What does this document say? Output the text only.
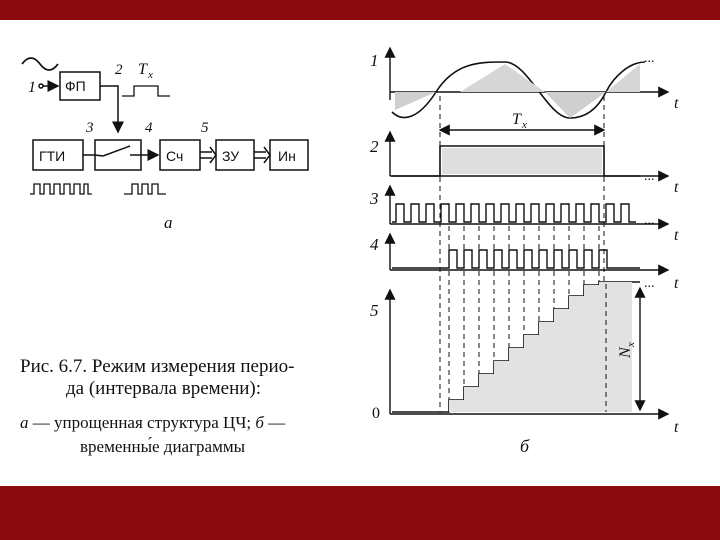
1 ФП
2 T x
ГТИ
3	4	5
Сч	ЗУ	Ин
а
Рис. 6.7. Режим измерения перио-
да (интервала времени):
а — упрощенная структура ЦЧ; б —
временны́е диаграммы
1
2
3
4
5
0
t
t
t
t
t
...
...
...
...
T x
N
x
б
